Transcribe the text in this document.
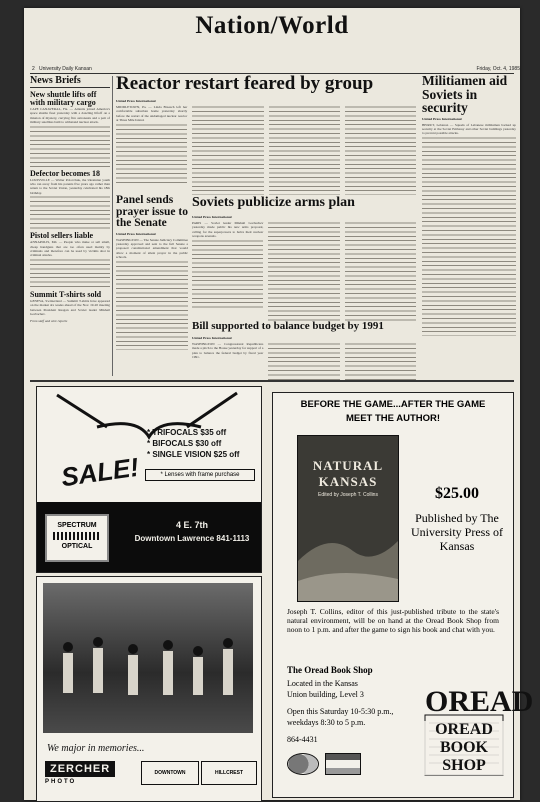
Nation/World
2 University Daily Kansan	Friday, Oct. 4, 1985
News Briefs
New shuttle lifts off with military cargo

CAPE CANAVERAL, Fla. — Atlantis joined America's space shuttle fleet yesterday with a dazzling liftoff on a mission of mystery, carrying five astronauts and a pair of military satellites built to withstand nuclear attack.

Defector becomes 18

LOUISVILLE — Walter Polovchak, the Ukrainian youth who ran away from his parents five years ago rather than return to the Soviet Union, yesterday celebrated his 18th birthday.

Pistol sellers liable

ANNAPOLIS, Md. — People who make or sell small, cheap handguns that are too often used mainly by criminals and therefore can be used by victims shot in criminal attacks.

Summit T-shirts sold

GENEVA, Switzerland — Summit T-shirts have appeared on the market six weeks ahead of the Nov. 19-20 meeting between President Reagan and Soviet leader Mikhail Gorbachev.

From staff and wire reports

Reactor restart feared by group
United Press International

MIDDLETOWN, Pa. — Linda Braasch left her comfortable suburban home yesterday shortly before the restart of the undamaged nuclear reactor at Three Mile Island.

Panel sends prayer issue to the Senate
United Press International

WASHINGTON — The Senate Judiciary Committee yesterday approved and sent to the full Senate a proposed constitutional amendment that would allow a moment of silent prayer in the public schools.

Soviets publicize arms plan
United Press International

PARIS — Soviet leader Mikhail Gorbachev yesterday made public his new arms proposal, calling for the superpowers to halve their nuclear weapons arsenals.

Bill supported to balance budget by 1991
United Press International

WASHINGTON — Congressional Republicans made a pitch to the House yesterday for support of a plan to balance the federal budget by fiscal year 1991.

Militiamen aid Soviets in security
United Press International

BEIRUT, Lebanon — Squads of Lebanese militiamen backed up security at the Soviet Embassy and other Soviet buildings yesterday to prevent possible attacks.

SALE!
* TRIFOCALS $35 off
* BIFOCALS $30 off
* SINGLE VISION $25 off
* Lenses with frame purchase
SPECTRUM
OPTICAL
4 E. 7th
Downtown Lawrence 841-1113
We major in memories...
ZERCHER
PHOTO
DOWNTOWN	HILLCREST
BEFORE THE GAME...AFTER THE GAME
MEET THE AUTHOR!
NATURAL KANSAS
Edited by Joseph T. Collins	$25.00
Published by The University Press of Kansas
Joseph T. Collins, editor of this just-published tribute to the state's natural environment, will be on hand at the Oread Book Shop from noon to 1 p.m. and after the game to sign his book and chat with you.
The Oread Book Shop
Located in the Kansas
Union building, Level 3
Open this Saturday 10-5:30 p.m.,
weekdays 8:30 to 5 p.m.
864-4431
OREAD
OREAD BOOK SHOP
